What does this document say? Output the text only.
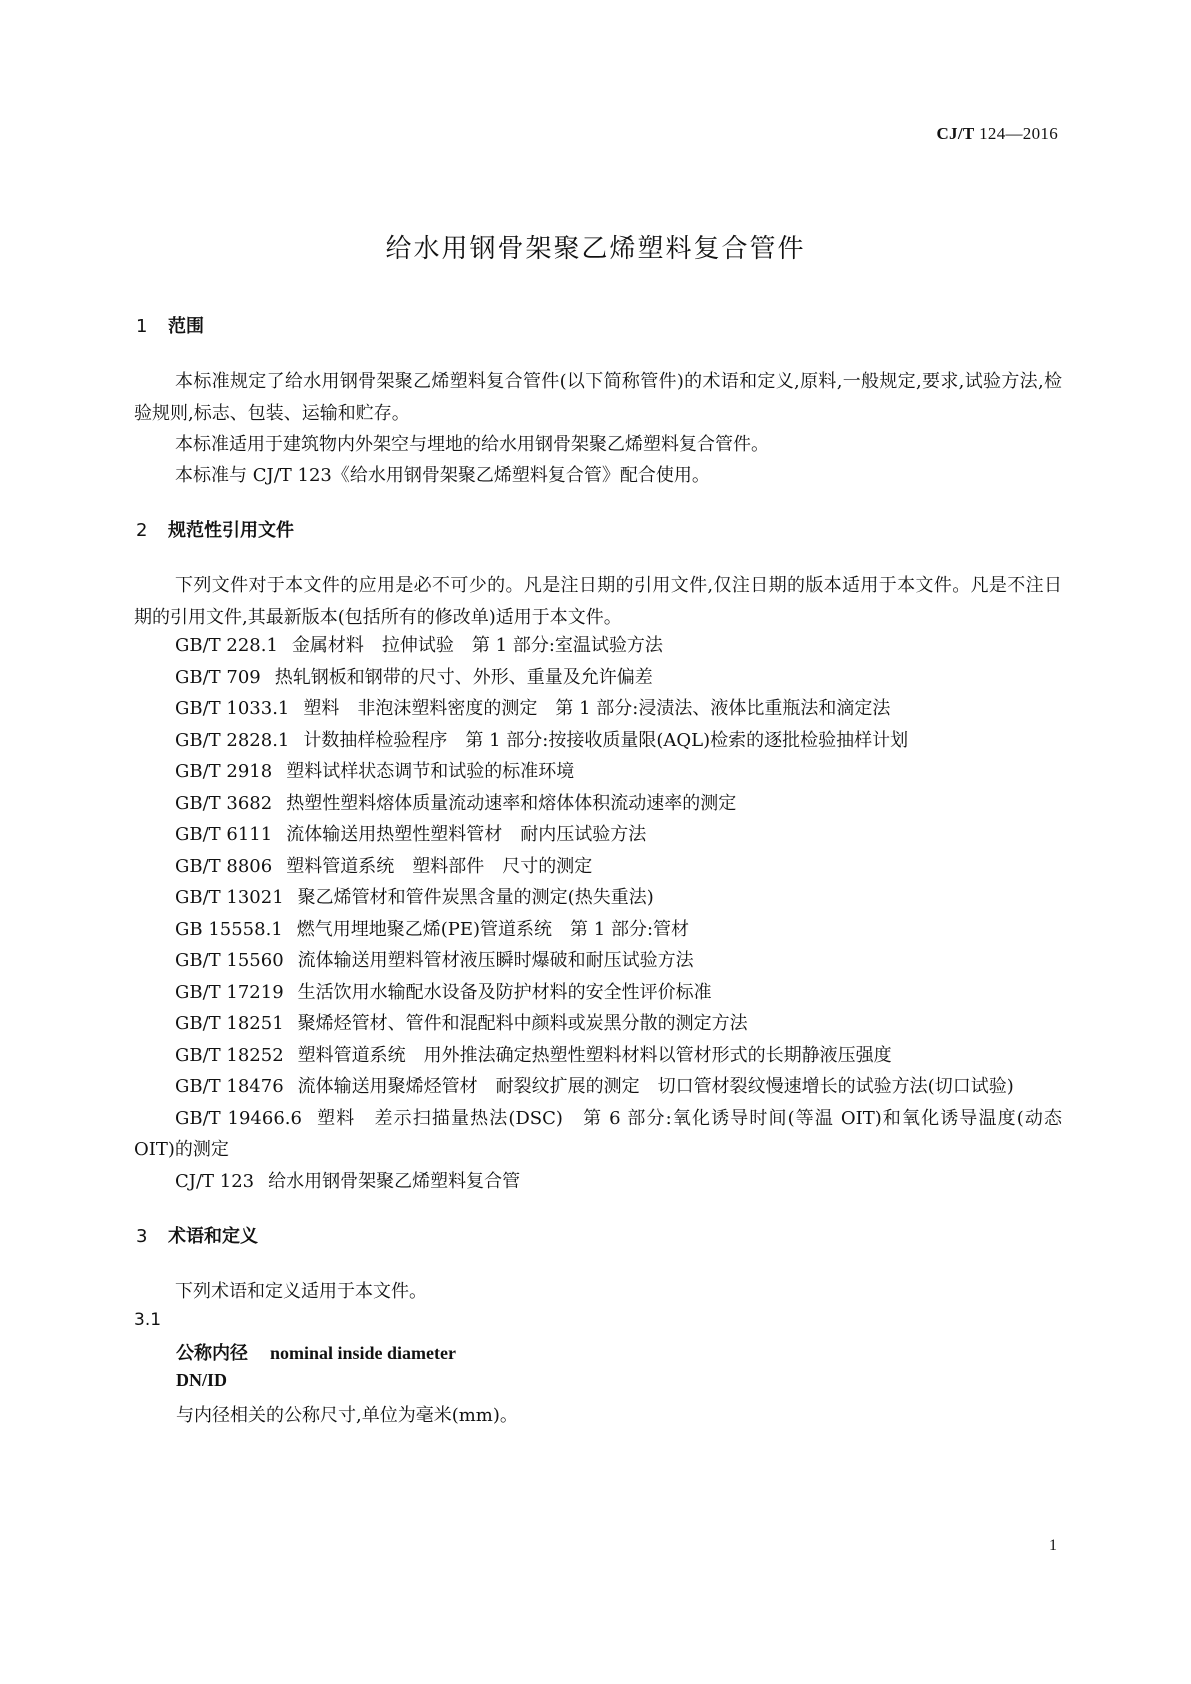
CJ/T 124—2016
给水用钢骨架聚乙烯塑料复合管件
1 范围

本标准规定了给水用钢骨架聚乙烯塑料复合管件(以下简称管件)的术语和定义,原料,一般规定,要求,试验方法,检验规则,标志、包装、运输和贮存。

本标准适用于建筑物内外架空与埋地的给水用钢骨架聚乙烯塑料复合管件。

本标准与 CJ/T 123《给水用钢骨架聚乙烯塑料复合管》配合使用。

2 规范性引用文件

下列文件对于本文件的应用是必不可少的。凡是注日期的引用文件,仅注日期的版本适用于本文件。凡是不注日期的引用文件,其最新版本(包括所有的修改单)适用于本文件。

GB/T 228.1 金属材料　拉伸试验　第 1 部分:室温试验方法
GB/T 709 热轧钢板和钢带的尺寸、外形、重量及允许偏差
GB/T 1033.1 塑料　非泡沫塑料密度的测定　第 1 部分:浸渍法、液体比重瓶法和滴定法
GB/T 2828.1 计数抽样检验程序　第 1 部分:按接收质量限(AQL)检索的逐批检验抽样计划
GB/T 2918 塑料试样状态调节和试验的标准环境
GB/T 3682 热塑性塑料熔体质量流动速率和熔体体积流动速率的测定
GB/T 6111 流体输送用热塑性塑料管材　耐内压试验方法
GB/T 8806 塑料管道系统　塑料部件　尺寸的测定
GB/T 13021 聚乙烯管材和管件炭黑含量的测定(热失重法)
GB 15558.1 燃气用埋地聚乙烯(PE)管道系统　第 1 部分:管材
GB/T 15560 流体输送用塑料管材液压瞬时爆破和耐压试验方法
GB/T 17219 生活饮用水输配水设备及防护材料的安全性评价标准
GB/T 18251 聚烯烃管材、管件和混配料中颜料或炭黑分散的测定方法
GB/T 18252 塑料管道系统　用外推法确定热塑性塑料材料以管材形式的长期静液压强度
GB/T 18476 流体输送用聚烯烃管材　耐裂纹扩展的测定　切口管材裂纹慢速增长的试验方法(切口试验)
GB/T 19466.6 塑料　差示扫描量热法(DSC)　第 6 部分:氧化诱导时间(等温 OIT)和氧化诱导温度(动态 OIT)的测定
CJ/T 123 给水用钢骨架聚乙烯塑料复合管
3 术语和定义

下列术语和定义适用于本文件。

3.1
公称内径 nominal inside diameter
DN/ID
与内径相关的公称尺寸,单位为毫米(mm)。
1
